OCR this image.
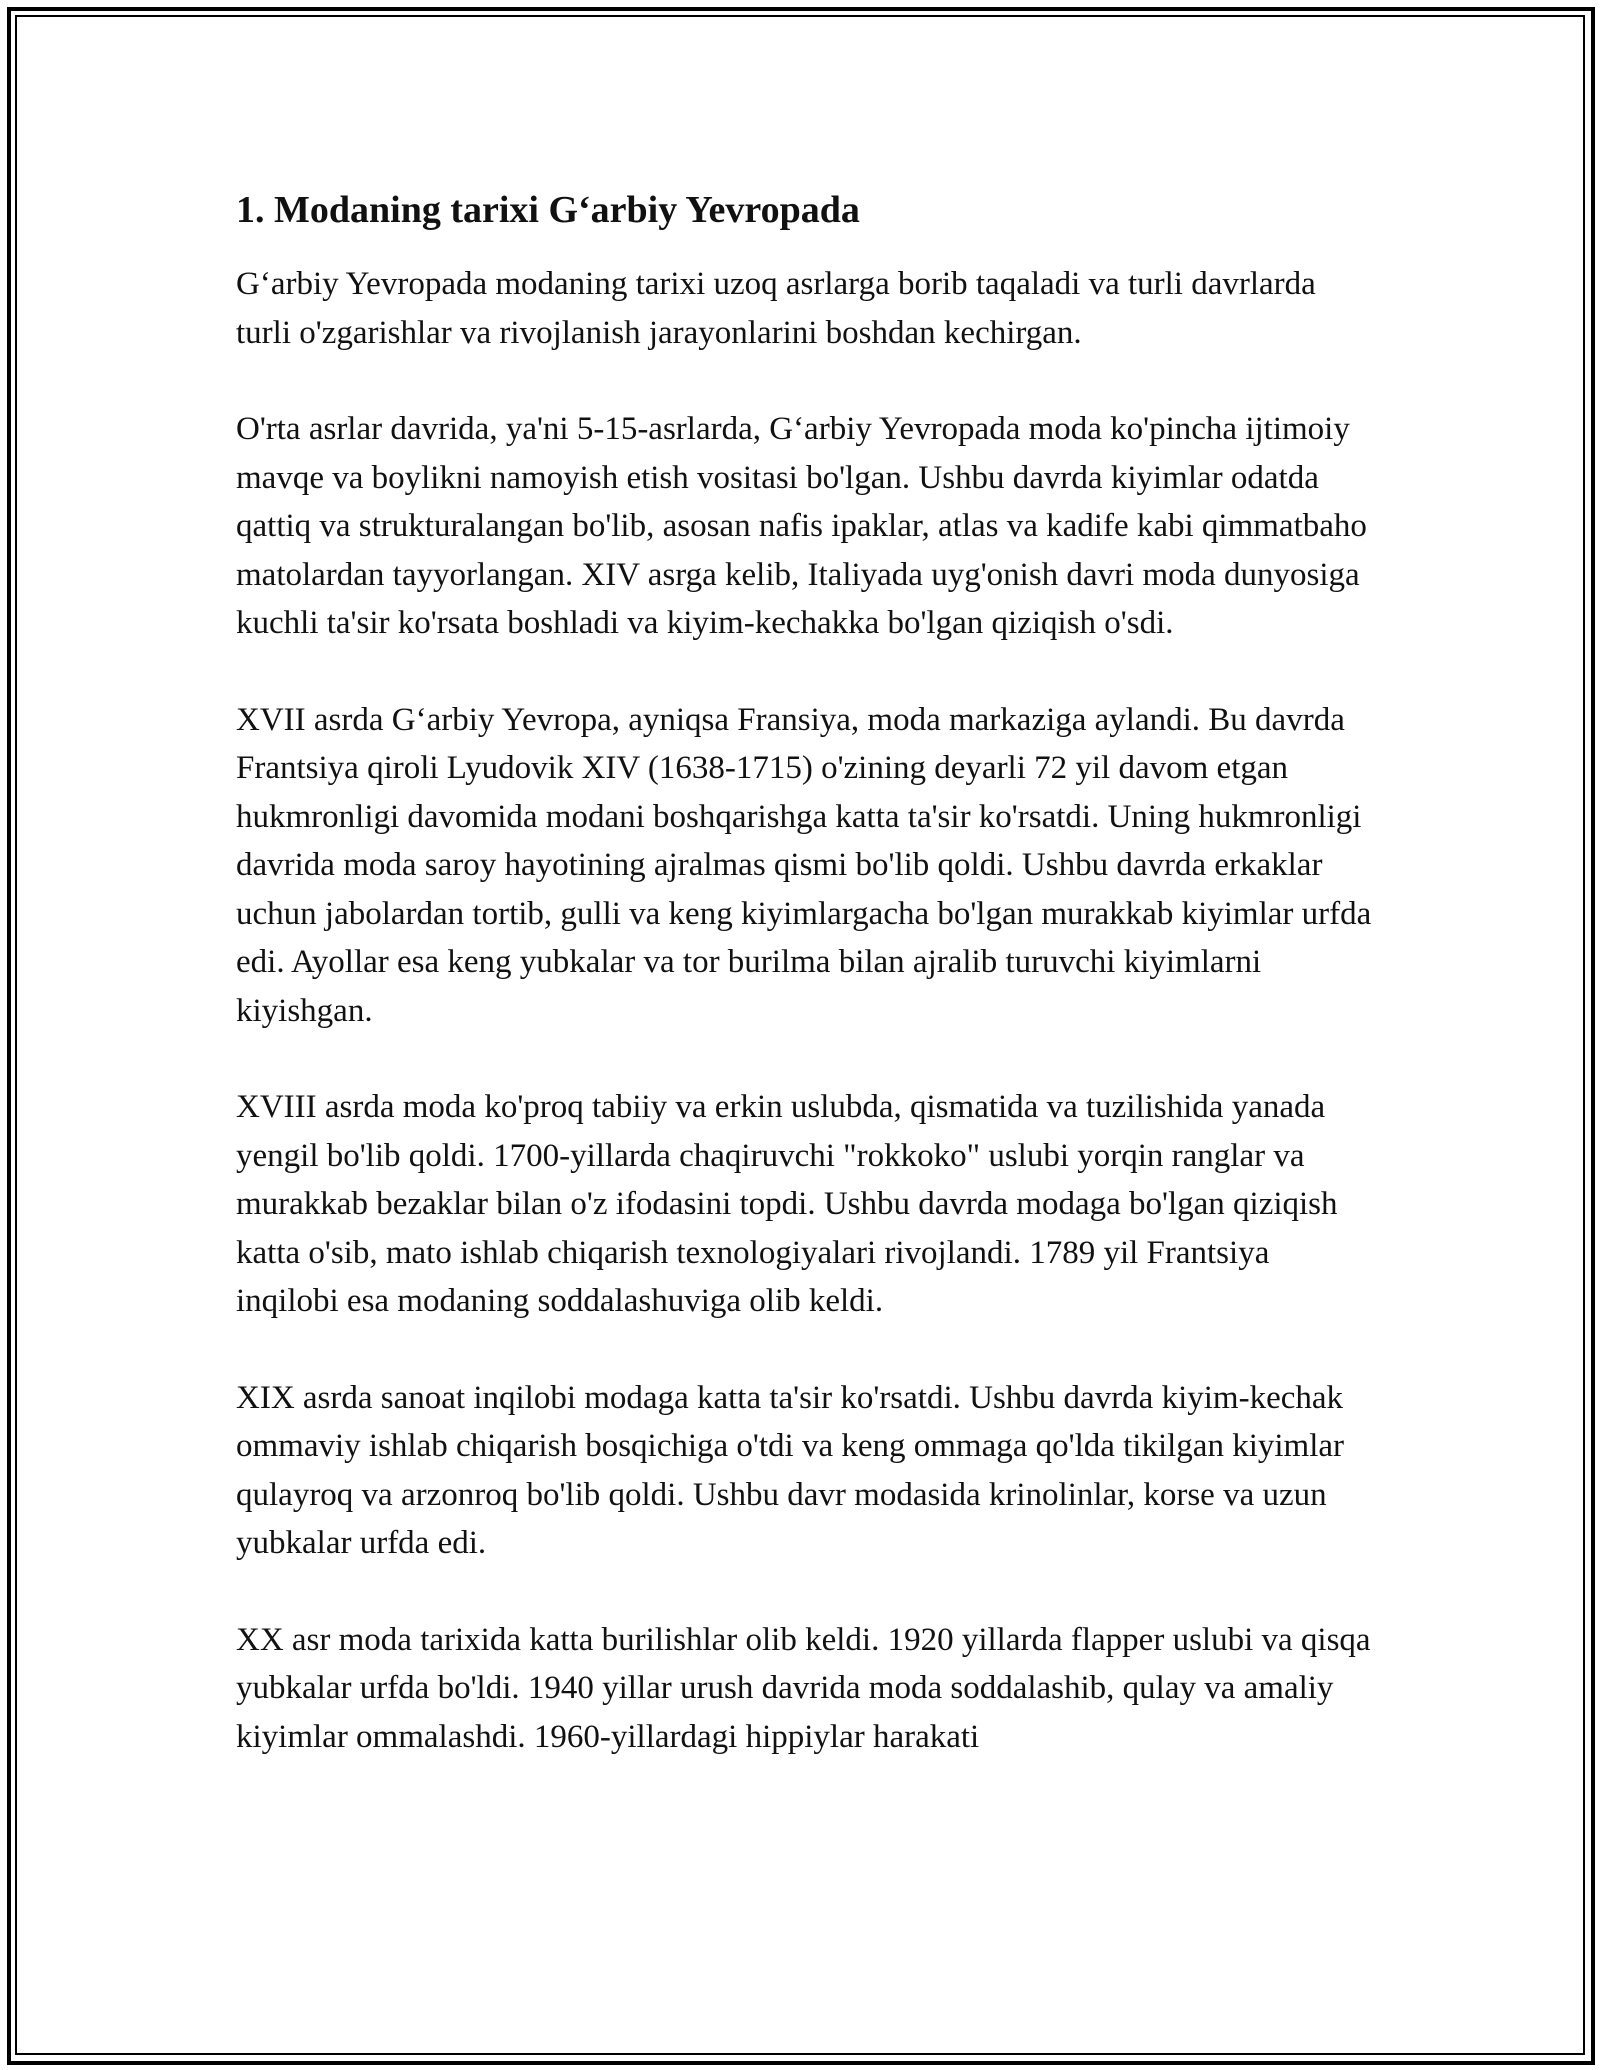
1. Modaning tarixi G‘arbiy Yevropada

G‘arbiy Yevropada modaning tarixi uzoq asrlarga borib taqaladi va turli davrlarda turli o'zgarishlar va rivojlanish jarayonlarini boshdan kechirgan.

O'rta asrlar davrida, ya'ni 5-15-asrlarda, G‘arbiy Yevropada moda ko'pincha ijtimoiy mavqe va boylikni namoyish etish vositasi bo'lgan. Ushbu davrda kiyimlar odatda qattiq va strukturalangan bo'lib, asosan nafis ipaklar, atlas va kadife kabi qimmatbaho matolardan tayyorlangan. XIV asrga kelib, Italiyada uyg'onish davri moda dunyosiga kuchli ta'sir ko'rsata boshladi va kiyim-kechakka bo'lgan qiziqish o'sdi.

XVII asrda G‘arbiy Yevropa, ayniqsa Fransiya, moda markaziga aylandi. Bu davrda Frantsiya qiroli Lyudovik XIV (1638-1715) o'zining deyarli 72 yil davom etgan hukmronligi davomida modani boshqarishga katta ta'sir ko'rsatdi. Uning hukmronligi davrida moda saroy hayotining ajralmas qismi bo'lib qoldi. Ushbu davrda erkaklar uchun jabolardan tortib, gulli va keng kiyimlargacha bo'lgan murakkab kiyimlar urfda edi. Ayollar esa keng yubkalar va tor burilma bilan ajralib turuvchi kiyimlarni kiyishgan.

XVIII asrda moda ko'proq tabiiy va erkin uslubda, qismatida va tuzilishida yanada yengil bo'lib qoldi. 1700-yillarda chaqiruvchi "rokkoko" uslubi yorqin ranglar va murakkab bezaklar bilan o'z ifodasini topdi. Ushbu davrda modaga bo'lgan qiziqish katta o'sib, mato ishlab chiqarish texnologiyalari rivojlandi. 1789 yil Frantsiya inqilobi esa modaning soddalashuviga olib keldi.

XIX asrda sanoat inqilobi modaga katta ta'sir ko'rsatdi. Ushbu davrda kiyim-kechak ommaviy ishlab chiqarish bosqichiga o'tdi va keng ommaga qo'lda tikilgan kiyimlar qulayroq va arzonroq bo'lib qoldi. Ushbu davr modasida krinolinlar, korse va uzun yubkalar urfda edi.

XX asr moda tarixida katta burilishlar olib keldi. 1920 yillarda flapper uslubi va qisqa yubkalar urfda bo'ldi. 1940 yillar urush davrida moda soddalashib, qulay va amaliy kiyimlar ommalashdi. 1960-yillardagi hippiylar harakati
